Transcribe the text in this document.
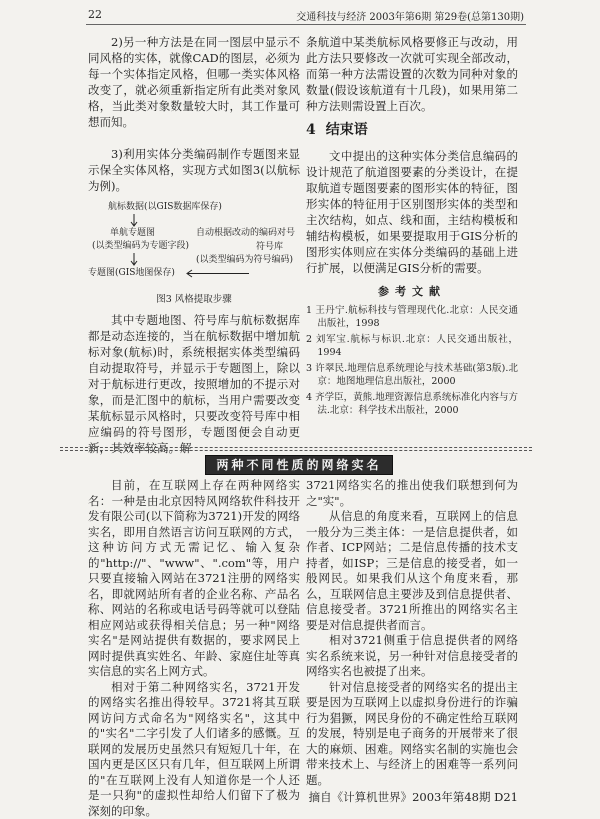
22	交通科技与经济 2003年第6期 第29卷(总第130期)

2)另一种方法是在同一图层中显示不同风格的实体，就像CAD的图层，必须为每一个实体指定风格，但哪一类实体风格改变了，就必须重新指定所有此类对象风格，当此类对象数量较大时，其工作量可想而知。

3)利用实体分类编码制作专题图来显示保全实体风格，实现方式如图3(以航标为例)。

航标数据(以GIS数据库保存)
单航专题图	自动根据改动的编码对号
(以类型编码为专题字段)	符号库
(以类型编码为符号编码)
专题图(GIS地图保存)
图3 风格提取步骤

其中专题地图、符号库与航标数据库都是动态连接的，当在航标数据中增加航标对象(航标)时，系统根据实体类型编码自动提取符号，并显示于专题图上，除以对于航标进行更改，按照增加的不提示对象，而是汇图中的航标，当用户需要改变某航标显示风格时，只要改变符号库中相应编码的符号图形，专题图便会自动更新，其效率较高。解

条航道中某类航标风格要修正与改动，用此方法只要修改一次就可实现全部改动，而第一种方法需设置的次数为同种对象的数量(假设该航道有十几段)，如果用第二种方法则需设置上百次。

4 结束语

文中提出的这种实体分类信息编码的设计规范了航道图要素的分类设计，在提取航道专题图要素的图形实体的特征，图形实体的特征用于区别图形实体的类型和主次结构，如点、线和面，主结构模板和辅结构模板，如果要提取用于GIS分析的图形实体则应在实体分类编码的基础上进行扩展，以便满足GIS分析的需要。

参考文献
1 王丹宁.航标科技与管理现代化.北京：人民交通出版社，1998
2 刘军宝.航标与标识.北京：人民交通出版社，1994
3 许翠民.地理信息系统理论与技术基础(第3版).北京：地图地理信息出版社，2000
4 齐学臣，黄熊.地理资源信息系统标准化内容与方法.北京：科学技术出版社，2000
两种不同性质的网络实名

目前，在互联网上存在两种网络实名：一种是由北京因特风网络软件科技开发有限公司(以下简称为3721)开发的网络实名，即用自然语言访问互联网的方式，这种访问方式无需记忆、输入复杂的"http://"、"www"、".com"等，用户只要直接输入网站在3721注册的网络实名，即就网站所有者的企业名称、产品名称、网站的名称或电话号码等就可以登陆相应网站或获得相关信息；另一种"网络实名"是网站提供有数据的，要求网民上网时提供真实姓名、年龄、家庭住址等真实信息的实名上网方式。

相对于第二种网络实名，3721开发的网络实名推出得较早。3721将其互联网访问方式命名为"网络实名"，这其中的"实名"二字引发了人们诸多的感慨。互联网的发展历史虽然只有短短几十年，在国内更是区区只有几年，但互联网上所谓的"在互联网上没有人知道你是一个人还是一只狗"的虚拟性却给人们留下了极为深刻的印象。

3721网络实名的推出使我们联想到何为之"实"。

从信息的角度来看，互联网上的信息一般分为三类主体：一是信息提供者，如作者、ICP网站；二是信息传播的技术支持者，如ISP；三是信息的接受者，如一般网民。如果我们从这个角度来看，那么，互联网信息主要涉及到信息提供者、信息接受者。3721所推出的网络实名主要是对信息提供者而言。

相对3721侧重于信息提供者的网络实名系统来说，另一种针对信息接受者的网络实名也被提了出来。

针对信息接受者的网络实名的提出主要是因为互联网上以虚拟身份进行的诈骗行为猖獗，网民身份的不确定性给互联网的发展，特别是电子商务的开展带来了很大的麻烦、困难。网络实名制的实施也会带来技术上、与经济上的困难等一系列问题。

摘自《计算机世界》2003年第48期 D21
